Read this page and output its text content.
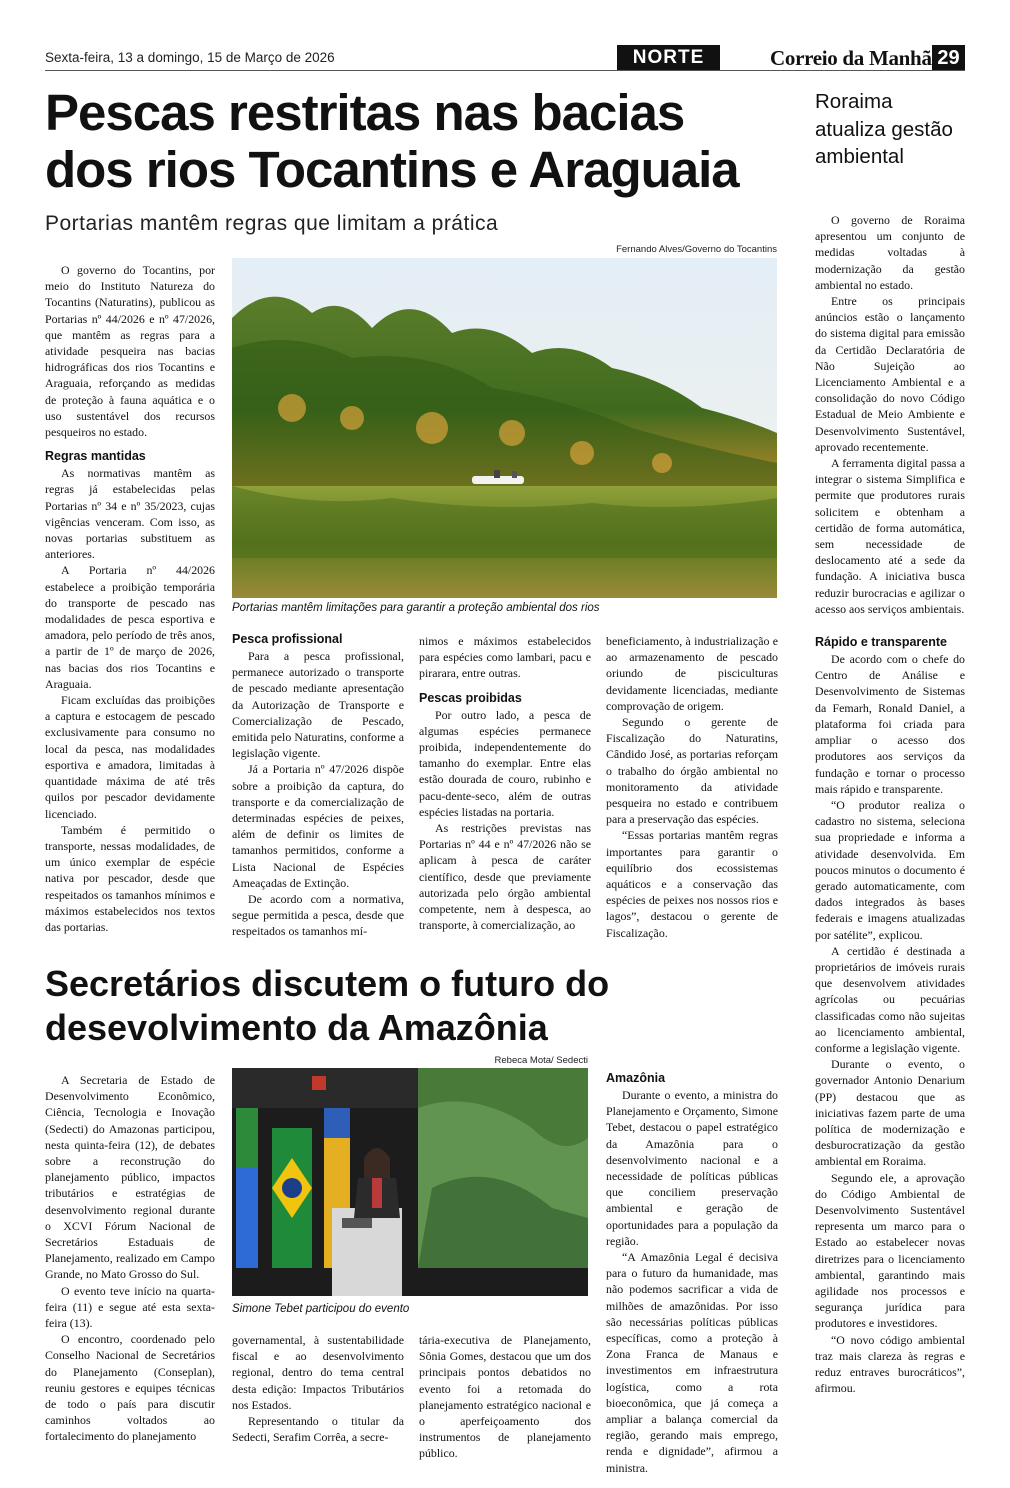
Sexta-feira, 13 a domingo, 15 de Março de 2026	NORTE	Correio da Manhã 29
Pescas restritas nas bacias dos rios Tocantins e Araguaia
Portarias mantêm regras que limitam a prática
Fernando Alves/Governo do Tocantins
Portarias mantêm limitações para garantir a proteção ambiental dos rios

O governo do Tocantins, por meio do Instituto Natureza do Tocantins (Naturatins), publicou as Portarias nº 44/2026 e nº 47/2026, que mantêm as regras para a atividade pesqueira nas bacias hidrográficas dos rios Tocantins e Araguaia, reforçando as medidas de proteção à fauna aquática e o uso sustentável dos recursos pesqueiros no estado.

Regras mantidas

As normativas mantêm as regras já estabelecidas pelas Portarias nº 34 e nº 35/2023, cujas vigências venceram. Com isso, as novas portarias substituem as anteriores.

A Portaria nº 44/2026 estabelece a proibição temporária do transporte de pescado nas modalidades de pesca esportiva e amadora, pelo período de três anos, a partir de 1º de março de 2026, nas bacias dos rios Tocantins e Araguaia.

Ficam excluídas das proibições a captura e estocagem de pescado exclusivamente para consumo no local da pesca, nas modalidades esportiva e amadora, limitadas à quantidade máxima de até três quilos por pescador devidamente licenciado.

Também é permitido o transporte, nessas modalidades, de um único exemplar de espécie nativa por pescador, desde que respeitados os tamanhos mínimos e máximos estabelecidos nos textos das portarias.

Pesca profissional

Para a pesca profissional, permanece autorizado o transporte de pescado mediante apresentação da Autorização de Transporte e Comercialização de Pescado, emitida pelo Naturatins, conforme a legislação vigente.

Já a Portaria nº 47/2026 dispõe sobre a proibição da captura, do transporte e da comercialização de determinadas espécies de peixes, além de definir os limites de tamanhos permitidos, conforme a Lista Nacional de Espécies Ameaçadas de Extinção.

De acordo com a normativa, segue permitida a pesca, desde que respeitados os tamanhos mí-

nimos e máximos estabelecidos para espécies como lambari, pacu e pirarara, entre outras.

Pescas proibidas

Por outro lado, a pesca de algumas espécies permanece proibida, independentemente do tamanho do exemplar. Entre elas estão dourada de couro, rubinho e pacu-dente-seco, além de outras espécies listadas na portaria.

As restrições previstas nas Portarias nº 44 e nº 47/2026 não se aplicam à pesca de caráter científico, desde que previamente autorizada pelo órgão ambiental competente, nem à despesca, ao transporte, à comercialização, ao

beneficiamento, à industrialização e ao armazenamento de pescado oriundo de pisciculturas devidamente licenciadas, mediante comprovação de origem.

Segundo o gerente de Fiscalização do Naturatins, Cândido José, as portarias reforçam o trabalho do órgão ambiental no monitoramento da atividade pesqueira no estado e contribuem para a preservação das espécies.

“Essas portarias mantêm regras importantes para garantir o equilíbrio dos ecossistemas aquáticos e a conservação das espécies de peixes nos nossos rios e lagos”, destacou o gerente de Fiscalização.

Secretários discutem o futuro do desevolvimento da Amazônia
Rebeca Mota/ Sedecti
Simone Tebet participou do evento

A Secretaria de Estado de Desenvolvimento Econômico, Ciência, Tecnologia e Inovação (Sedecti) do Amazonas participou, nesta quinta-feira (12), de debates sobre a reconstrução do planejamento público, impactos tributários e estratégias de desenvolvimento regional durante o XCVI Fórum Nacional de Secretários Estaduais de Planejamento, realizado em Campo Grande, no Mato Grosso do Sul.

O evento teve início na quarta-feira (11) e segue até esta sexta-feira (13).

O encontro, coordenado pelo Conselho Nacional de Secretários do Planejamento (Conseplan), reuniu gestores e equipes técnicas de todo o país para discutir caminhos voltados ao fortalecimento do planejamento

governamental, à sustentabilidade fiscal e ao desenvolvimento regional, dentro do tema central desta edição: Impactos Tributários nos Estados.

Representando o titular da Sedecti, Serafim Corrêa, a secre-

tária-executiva de Planejamento, Sônia Gomes, destacou que um dos principais pontos debatidos no evento foi a retomada do planejamento estratégico nacional e o aperfeiçoamento dos instrumentos de planejamento público.

Amazônia

Durante o evento, a ministra do Planejamento e Orçamento, Simone Tebet, destacou o papel estratégico da Amazônia para o desenvolvimento nacional e a necessidade de políticas públicas que conciliem preservação ambiental e geração de oportunidades para a população da região.

“A Amazônia Legal é decisiva para o futuro da humanidade, mas não podemos sacrificar a vida de milhões de amazônidas. Por isso são necessárias políticas públicas específicas, como a proteção à Zona Franca de Manaus e investimentos em infraestrutura logística, como a rota bioeconômica, que já começa a ampliar a balança comercial da região, gerando mais emprego, renda e dignidade”, afirmou a ministra.

Roraima atualiza gestão ambiental

O governo de Roraima apresentou um conjunto de medidas voltadas à modernização da gestão ambiental no estado.

Entre os principais anúncios estão o lançamento do sistema digital para emissão da Certidão Declaratória de Não Sujeição ao Licenciamento Ambiental e a consolidação do novo Código Estadual de Meio Ambiente e Desenvolvimento Sustentável, aprovado recentemente.

A ferramenta digital passa a integrar o sistema Simplifica e permite que produtores rurais solicitem e obtenham a certidão de forma automática, sem necessidade de deslocamento até a sede da fundação. A iniciativa busca reduzir burocracias e agilizar o acesso aos serviços ambientais.

Rápido e transparente

De acordo com o chefe do Centro de Análise e Desenvolvimento de Sistemas da Femarh, Ronald Daniel, a plataforma foi criada para ampliar o acesso dos produtores aos serviços da fundação e tornar o processo mais rápido e transparente.

“O produtor realiza o cadastro no sistema, seleciona sua propriedade e informa a atividade desenvolvida. Em poucos minutos o documento é gerado automaticamente, com dados integrados às bases federais e imagens atualizadas por satélite”, explicou.

A certidão é destinada a proprietários de imóveis rurais que desenvolvem atividades agrícolas ou pecuárias classificadas como não sujeitas ao licenciamento ambiental, conforme a legislação vigente.

Durante o evento, o governador Antonio Denarium (PP) destacou que as iniciativas fazem parte de uma política de modernização e desburocratização da gestão ambiental em Roraima.

Segundo ele, a aprovação do Código Ambiental de Desenvolvimento Sustentável representa um marco para o Estado ao estabelecer novas diretrizes para o licenciamento ambiental, garantindo mais agilidade nos processos e segurança jurídica para produtores e investidores.

“O novo código ambiental traz mais clareza às regras e reduz entraves burocráticos”, afirmou.
